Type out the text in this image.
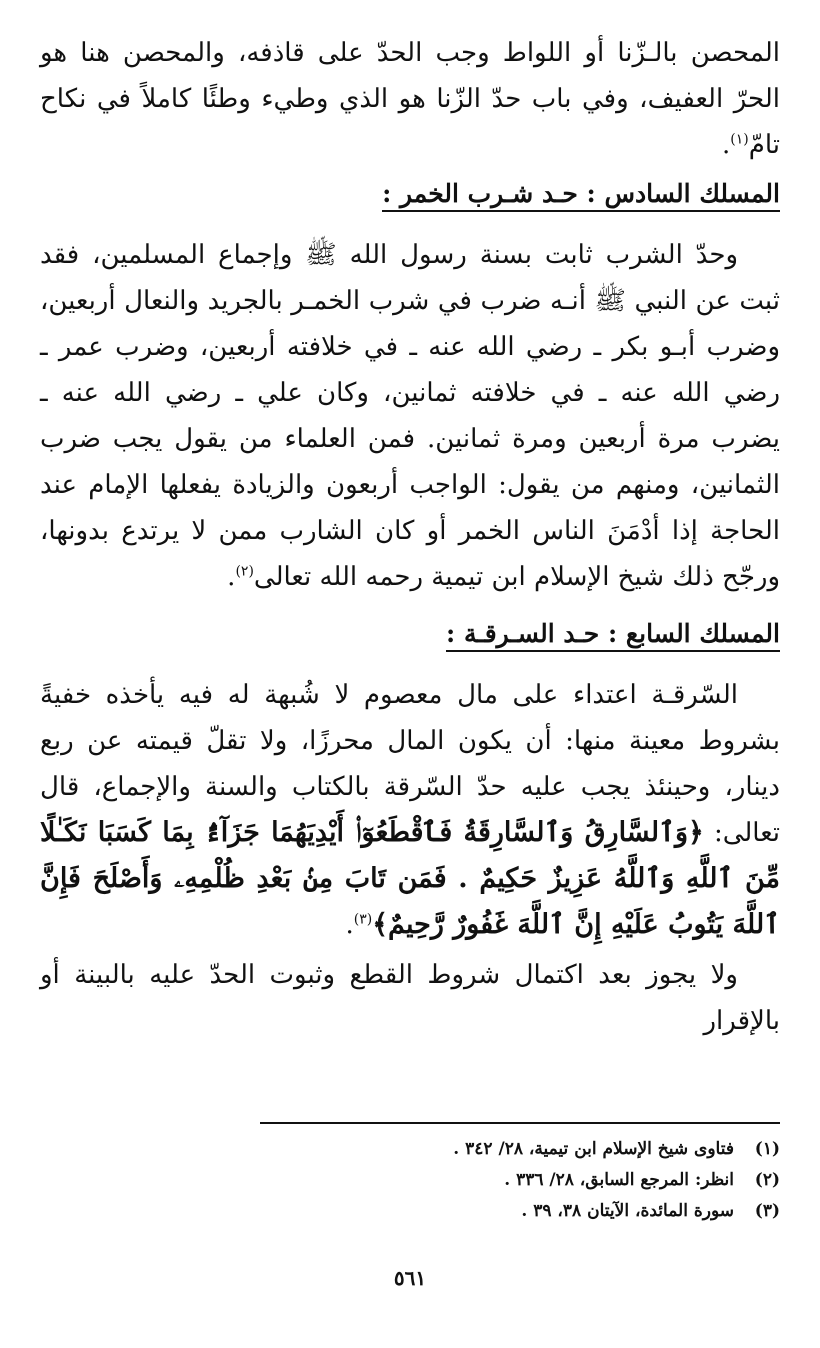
المحصن بالـزّنا أو اللواط وجب الحدّ على قاذفه، والمحصن هنا هو الحرّ العفيف، وفي باب حدّ الزّنا هو الذي وطيء وطئًا كاملاً في نكاح تامّ$^{(١)}$.

المسلك السادس : حـد شـرب الخمر :

وحدّ الشرب ثابت بسنة رسول الله ﷺ وإجماع المسلمين، فقد ثبت عن النبي ﷺ أنـه ضرب في شرب الخمـر بالجريد والنعال أربعين، وضرب أبـو بكر ـ رضي الله عنه ـ في خلافته أربعين، وضرب عمر ـ رضي الله عنه ـ في خلافته ثمانين، وكان علي ـ رضي الله عنه ـ يضرب مرة أربعين ومرة ثمانين. فمن العلماء من يقول يجب ضرب الثمانين، ومنهم من يقول: الواجب أربعون والزيادة يفعلها الإمام عند الحاجة إذا أدْمَنَ الناس الخمر أو كان الشارب ممن لا يرتدع بدونها، ورجّح ذلك شيخ الإسلام ابن تيمية رحمه الله تعالى$^{(٢)}$.

المسلك السابع : حـد السـرقـة :

السّرقـة اعتداء على مال معصوم لا شُبهة له فيه يأخذه خفيةً بشروط معينة منها: أن يكون المال محرزًا، ولا تقلّ قيمته عن ربع دينار، وحينئذ يجب عليه حدّ السّرقة بالكتاب والسنة والإجماع، قال تعالى: ﴿وَٱلسَّارِقُ وَٱلسَّارِقَةُ فَٱقْطَعُوٓا۟ أَيْدِيَهُمَا جَزَآءًۢ بِمَا كَسَبَا نَكَـٰلًا مِّنَ ٱللَّهِ وَٱللَّهُ عَزِيزٌ حَكِيمٌ . فَمَن تَابَ مِنۢ بَعْدِ ظُلْمِهِۦ وَأَصْلَحَ فَإِنَّ ٱللَّهَ يَتُوبُ عَلَيْهِ إِنَّ ٱللَّهَ غَفُورٌ رَّحِيمٌ﴾$^{(٣)}$.

ولا يجوز بعد اكتمال شروط القطع وثبوت الحدّ عليه بالبينة أو بالإقرار

(١)
فتاوى شيخ الإسلام ابن تيمية، ٢٨/ ٣٤٢ .
(٢)
انظر: المرجع السابق، ٢٨/ ٣٣٦ .
(٣)
سورة المائدة، الآيتان ٣٨، ٣٩ .
٥٦١
